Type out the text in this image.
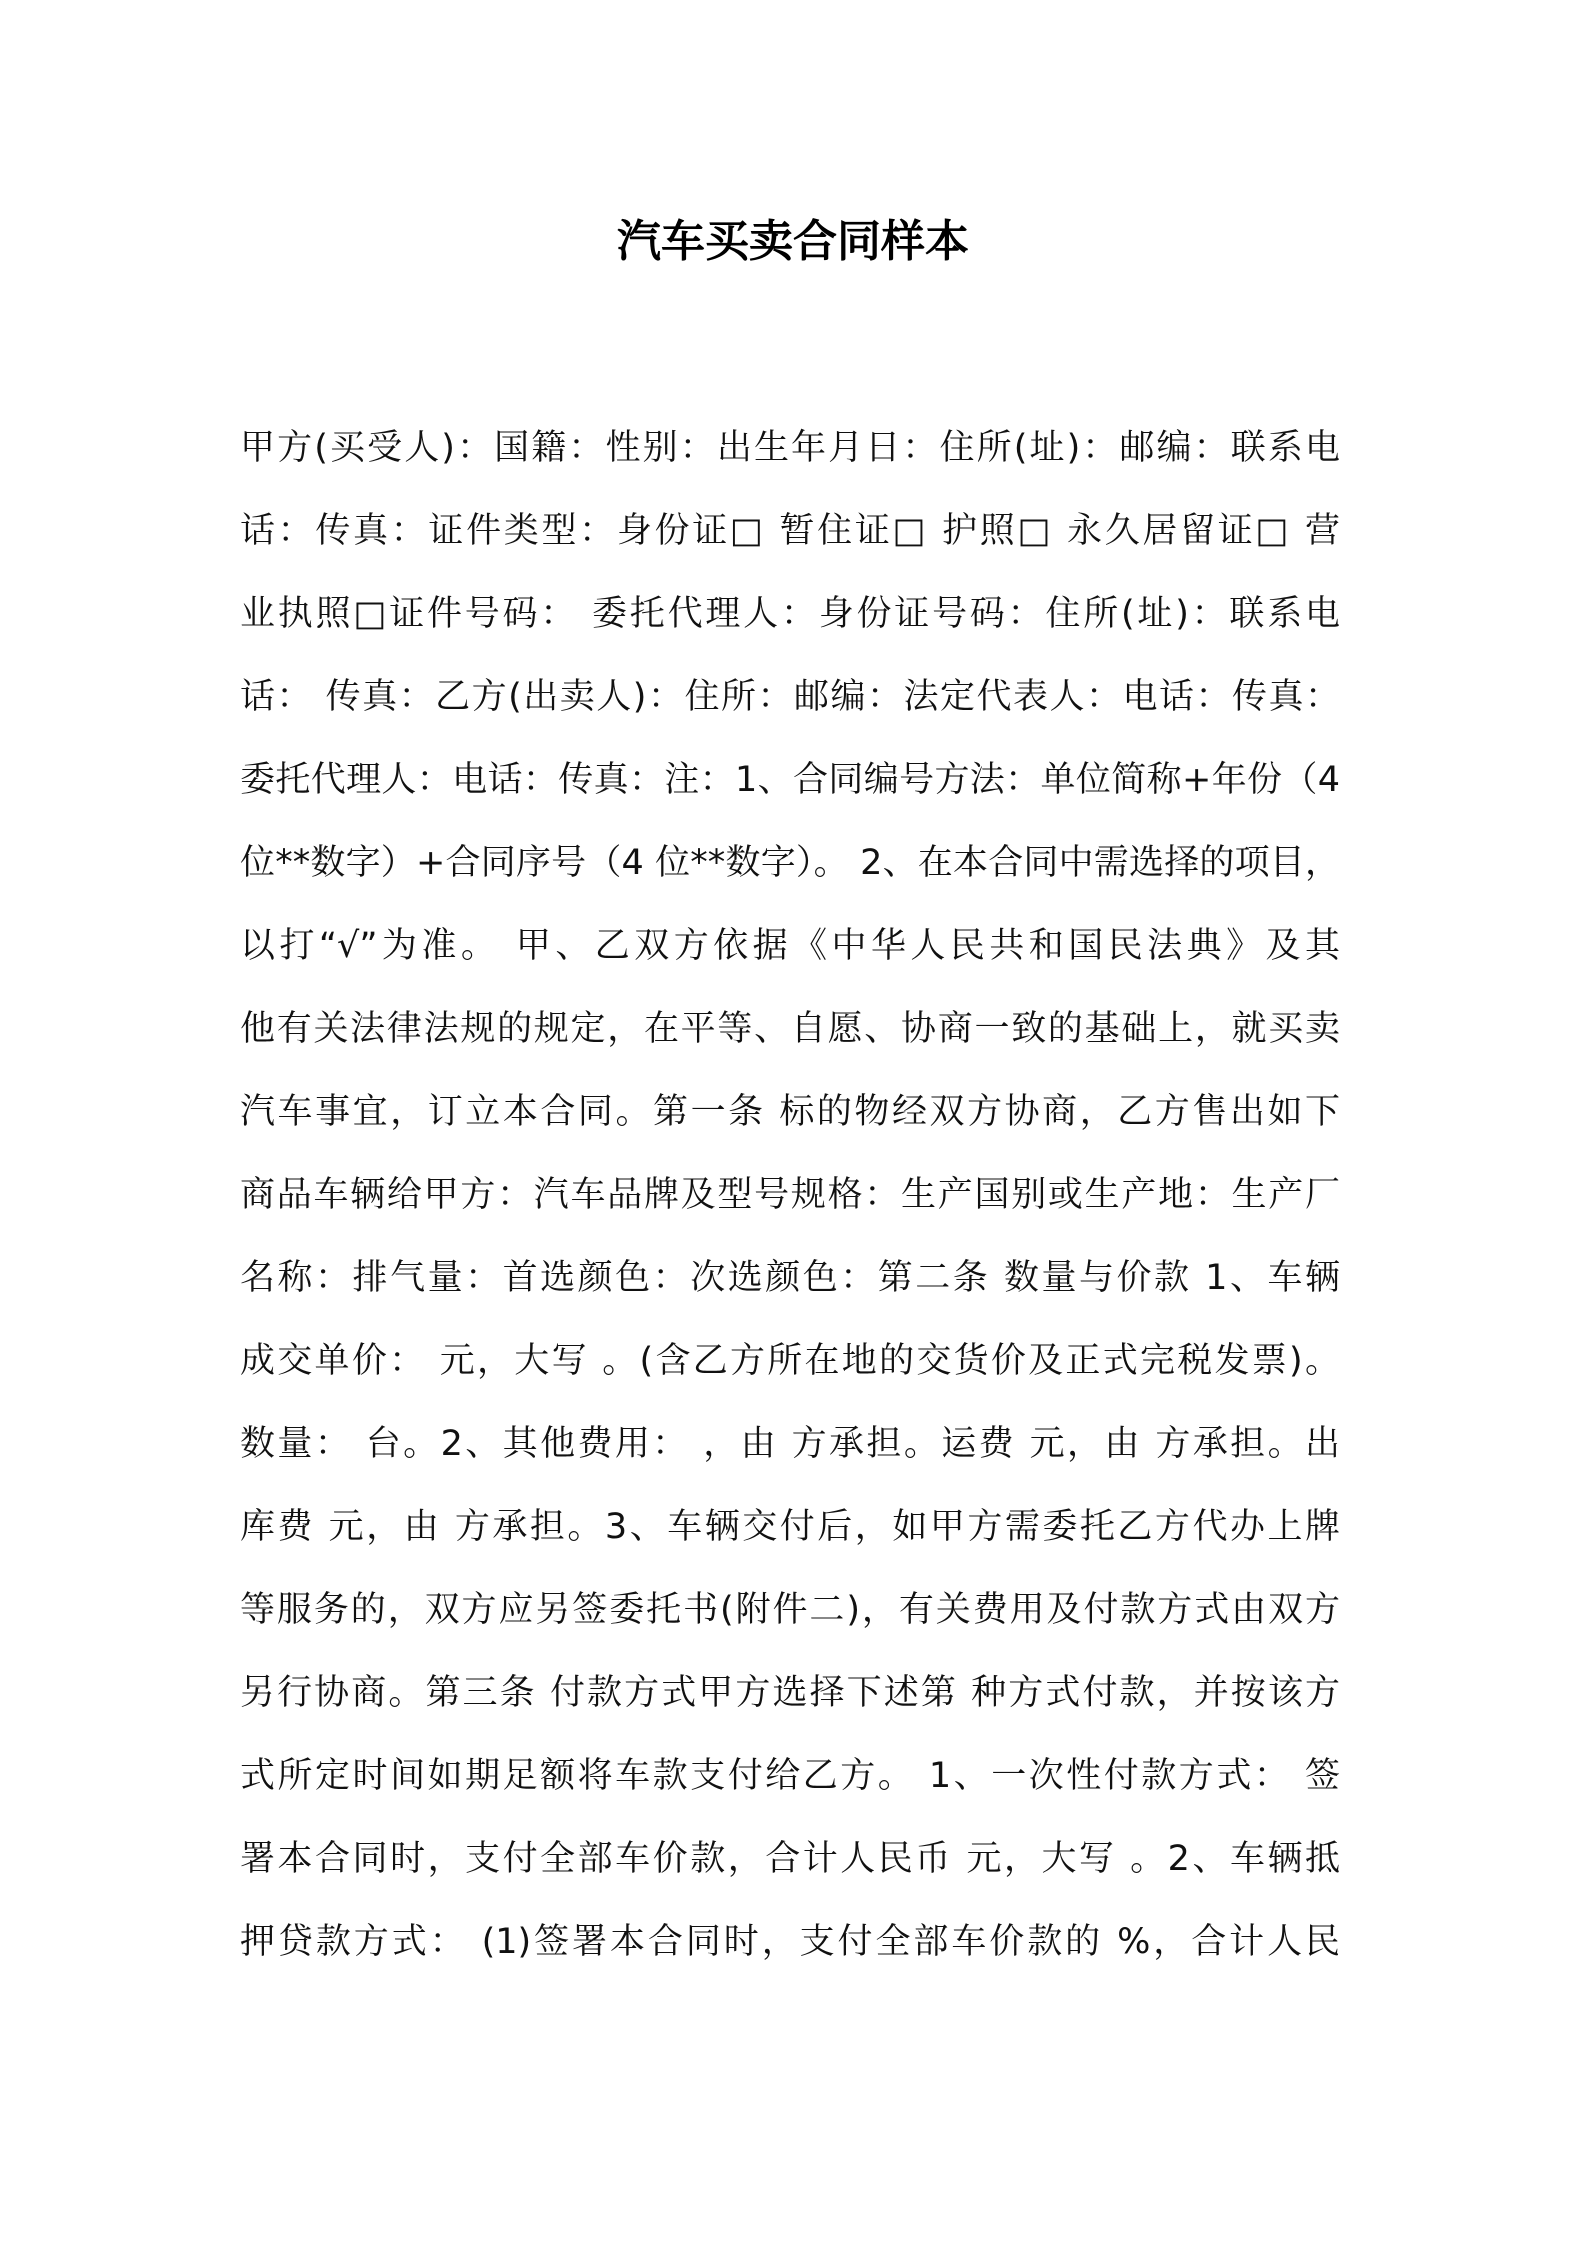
汽车买卖合同样本
甲方(买受人)：国籍：性别：出生年月日：住所(址)：邮编：联系电
话：传真：证件类型：身份证□ 暂住证□ 护照□ 永久居留证□ 营
业执照□证件号码： 委托代理人：身份证号码：住所(址)：联系电
话： 传真：乙方(出卖人)：住所：邮编：法定代表人：电话：传真：
委托代理人：电话：传真：注：1、合同编号方法：单位简称+年份（4
位**数字）+合同序号（4 位**数字）。 2、在本合同中需选择的项目，
以打“√”为准。 甲、乙双方依据《中华人民共和国民法典》及其
他有关法律法规的规定，在平等、自愿、协商一致的基础上，就买卖
汽车事宜，订立本合同。第一条 标的物经双方协商，乙方售出如下
商品车辆给甲方：汽车品牌及型号规格：生产国别或生产地：生产厂
名称：排气量：首选颜色：次选颜色：第二条 数量与价款 1、车辆
成交单价： 元，大写 。(含乙方所在地的交货价及正式完税发票)。
数量： 台。2、其他费用： ，由 方承担。运费 元，由 方承担。出
库费 元，由 方承担。3、车辆交付后，如甲方需委托乙方代办上牌
等服务的，双方应另签委托书(附件二)，有关费用及付款方式由双方
另行协商。第三条 付款方式甲方选择下述第 种方式付款，并按该方
式所定时间如期足额将车款支付给乙方。 1、一次性付款方式： 签
署本合同时，支付全部车价款，合计人民币 元，大写 。2、车辆抵
押贷款方式： (1)签署本合同时，支付全部车价款的 %，合计人民
